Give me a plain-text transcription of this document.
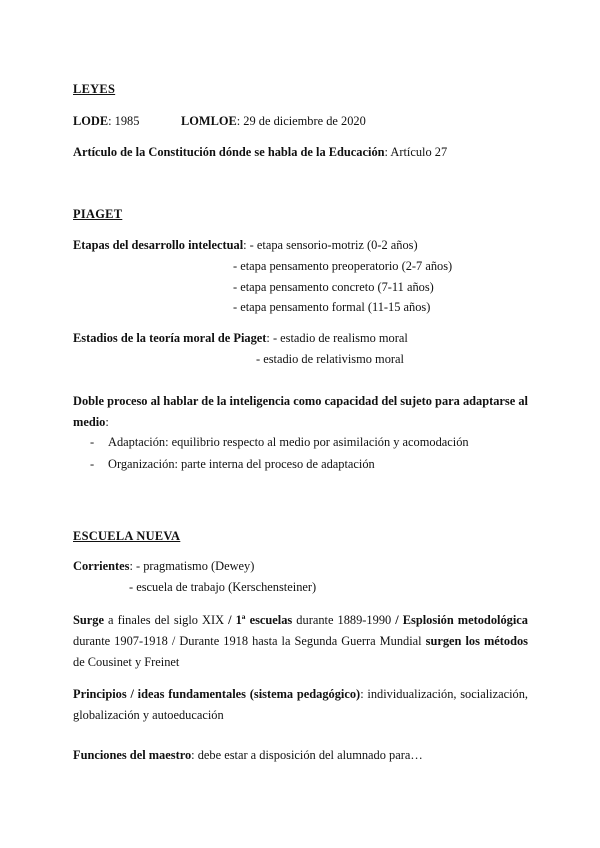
LEYES
LODE: 1985	LOMLOE: 29 de diciembre de 2020
Artículo de la Constitución dónde se habla de la Educación: Artículo 27
PIAGET
Etapas del desarrollo intelectual: - etapa sensorio-motriz (0-2 años)
- etapa pensamento preoperatorio (2-7 años)
- etapa pensamento concreto (7-11 años)
- etapa pensamento formal (11-15 años)
Estadios de la teoría moral de Piaget: - estadio de realismo moral
- estadio de relativismo moral
Doble proceso al hablar de la inteligencia como capacidad del sujeto para adaptarse al medio:
- Adaptación: equilibrio respecto al medio por asimilación y acomodación
- Organización: parte interna del proceso de adaptación
ESCUELA NUEVA
Corrientes: - pragmatismo (Dewey)
- escuela de trabajo (Kerschensteiner)
Surge a finales del siglo XIX / 1ª escuelas durante 1889-1990 / Esplosión metodológica durante 1907-1918 / Durante 1918 hasta la Segunda Guerra Mundial surgen los métodos de Cousinet y Freinet
Principios / ideas fundamentales (sistema pedagógico): individualización, socialización, globalización y autoeducación
Funciones del maestro: debe estar a disposición del alumnado para…
